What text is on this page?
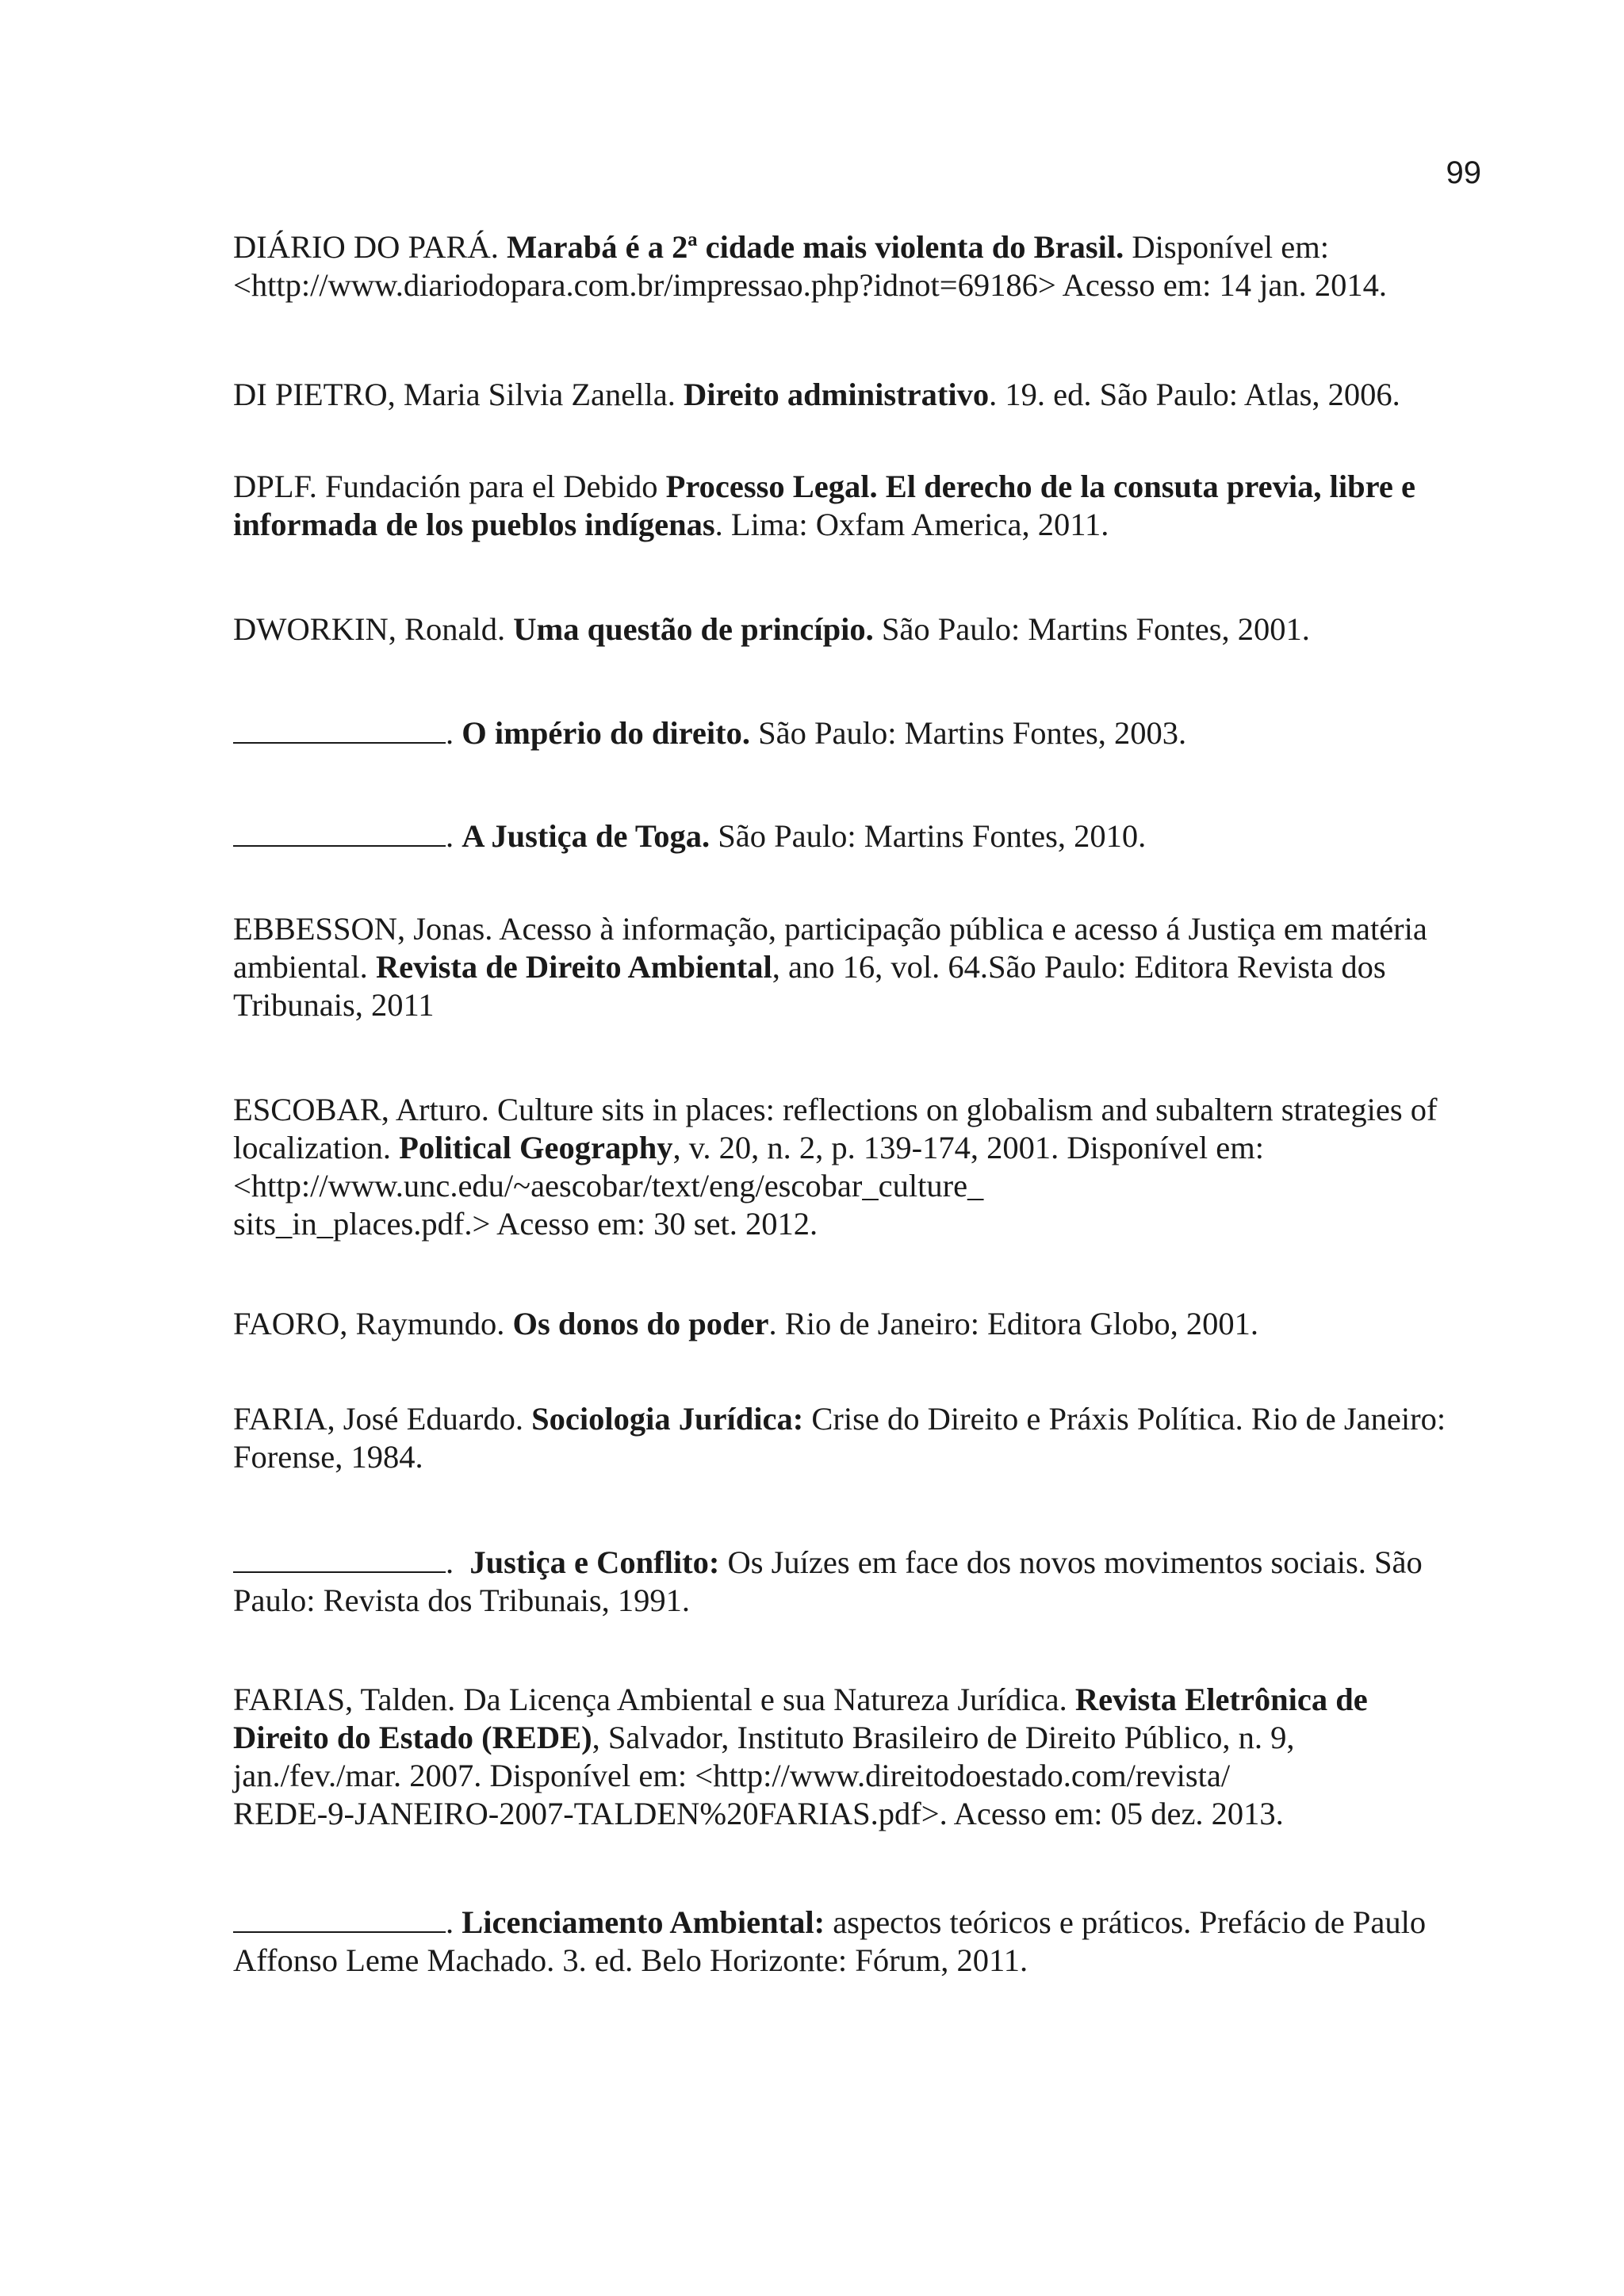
99

DIÁRIO DO PARÁ. Marabá é a 2ª cidade mais violenta do Brasil. Disponível em:
<http://www.diariodopara.com.br/impressao.php?idnot=69186> Acesso em: 14 jan. 2014.

DI PIETRO, Maria Silvia Zanella. Direito administrativo. 19. ed. São Paulo: Atlas, 2006.

DPLF. Fundación para el Debido Processo Legal. El derecho de la consuta previa, libre e
informada de los pueblos indígenas. Lima: Oxfam America, 2011.

DWORKIN, Ronald. Uma questão de princípio. São Paulo: Martins Fontes, 2001.

. O império do direito. São Paulo: Martins Fontes, 2003.

. A Justiça de Toga. São Paulo: Martins Fontes, 2010.

EBBESSON, Jonas. Acesso à informação, participação pública e acesso á Justiça em matéria
ambiental. Revista de Direito Ambiental, ano 16, vol. 64.São Paulo: Editora Revista dos
Tribunais, 2011

ESCOBAR, Arturo. Culture sits in places: reflections on globalism and subaltern strategies of
localization. Political Geography, v. 20, n. 2, p. 139-174, 2001. Disponível em:
<http://www.unc.edu/~aescobar/text/eng/escobar_culture_
sits_in_places.pdf.> Acesso em: 30 set. 2012.

FAORO, Raymundo. Os donos do poder. Rio de Janeiro: Editora Globo, 2001.

FARIA, José Eduardo. Sociologia Jurídica: Crise do Direito e Práxis Política. Rio de Janeiro:
Forense, 1984.

.  Justiça e Conflito: Os Juízes em face dos novos movimentos sociais. São
Paulo: Revista dos Tribunais, 1991.

FARIAS, Talden. Da Licença Ambiental e sua Natureza Jurídica. Revista Eletrônica de
Direito do Estado (REDE), Salvador, Instituto Brasileiro de Direito Público, n. 9,
jan./fev./mar. 2007. Disponível em: <http://www.direitodoestado.com/revista/
REDE-9-JANEIRO-2007-TALDEN%20FARIAS.pdf>. Acesso em: 05 dez. 2013.

. Licenciamento Ambiental: aspectos teóricos e práticos. Prefácio de Paulo
Affonso Leme Machado. 3. ed. Belo Horizonte: Fórum, 2011.
